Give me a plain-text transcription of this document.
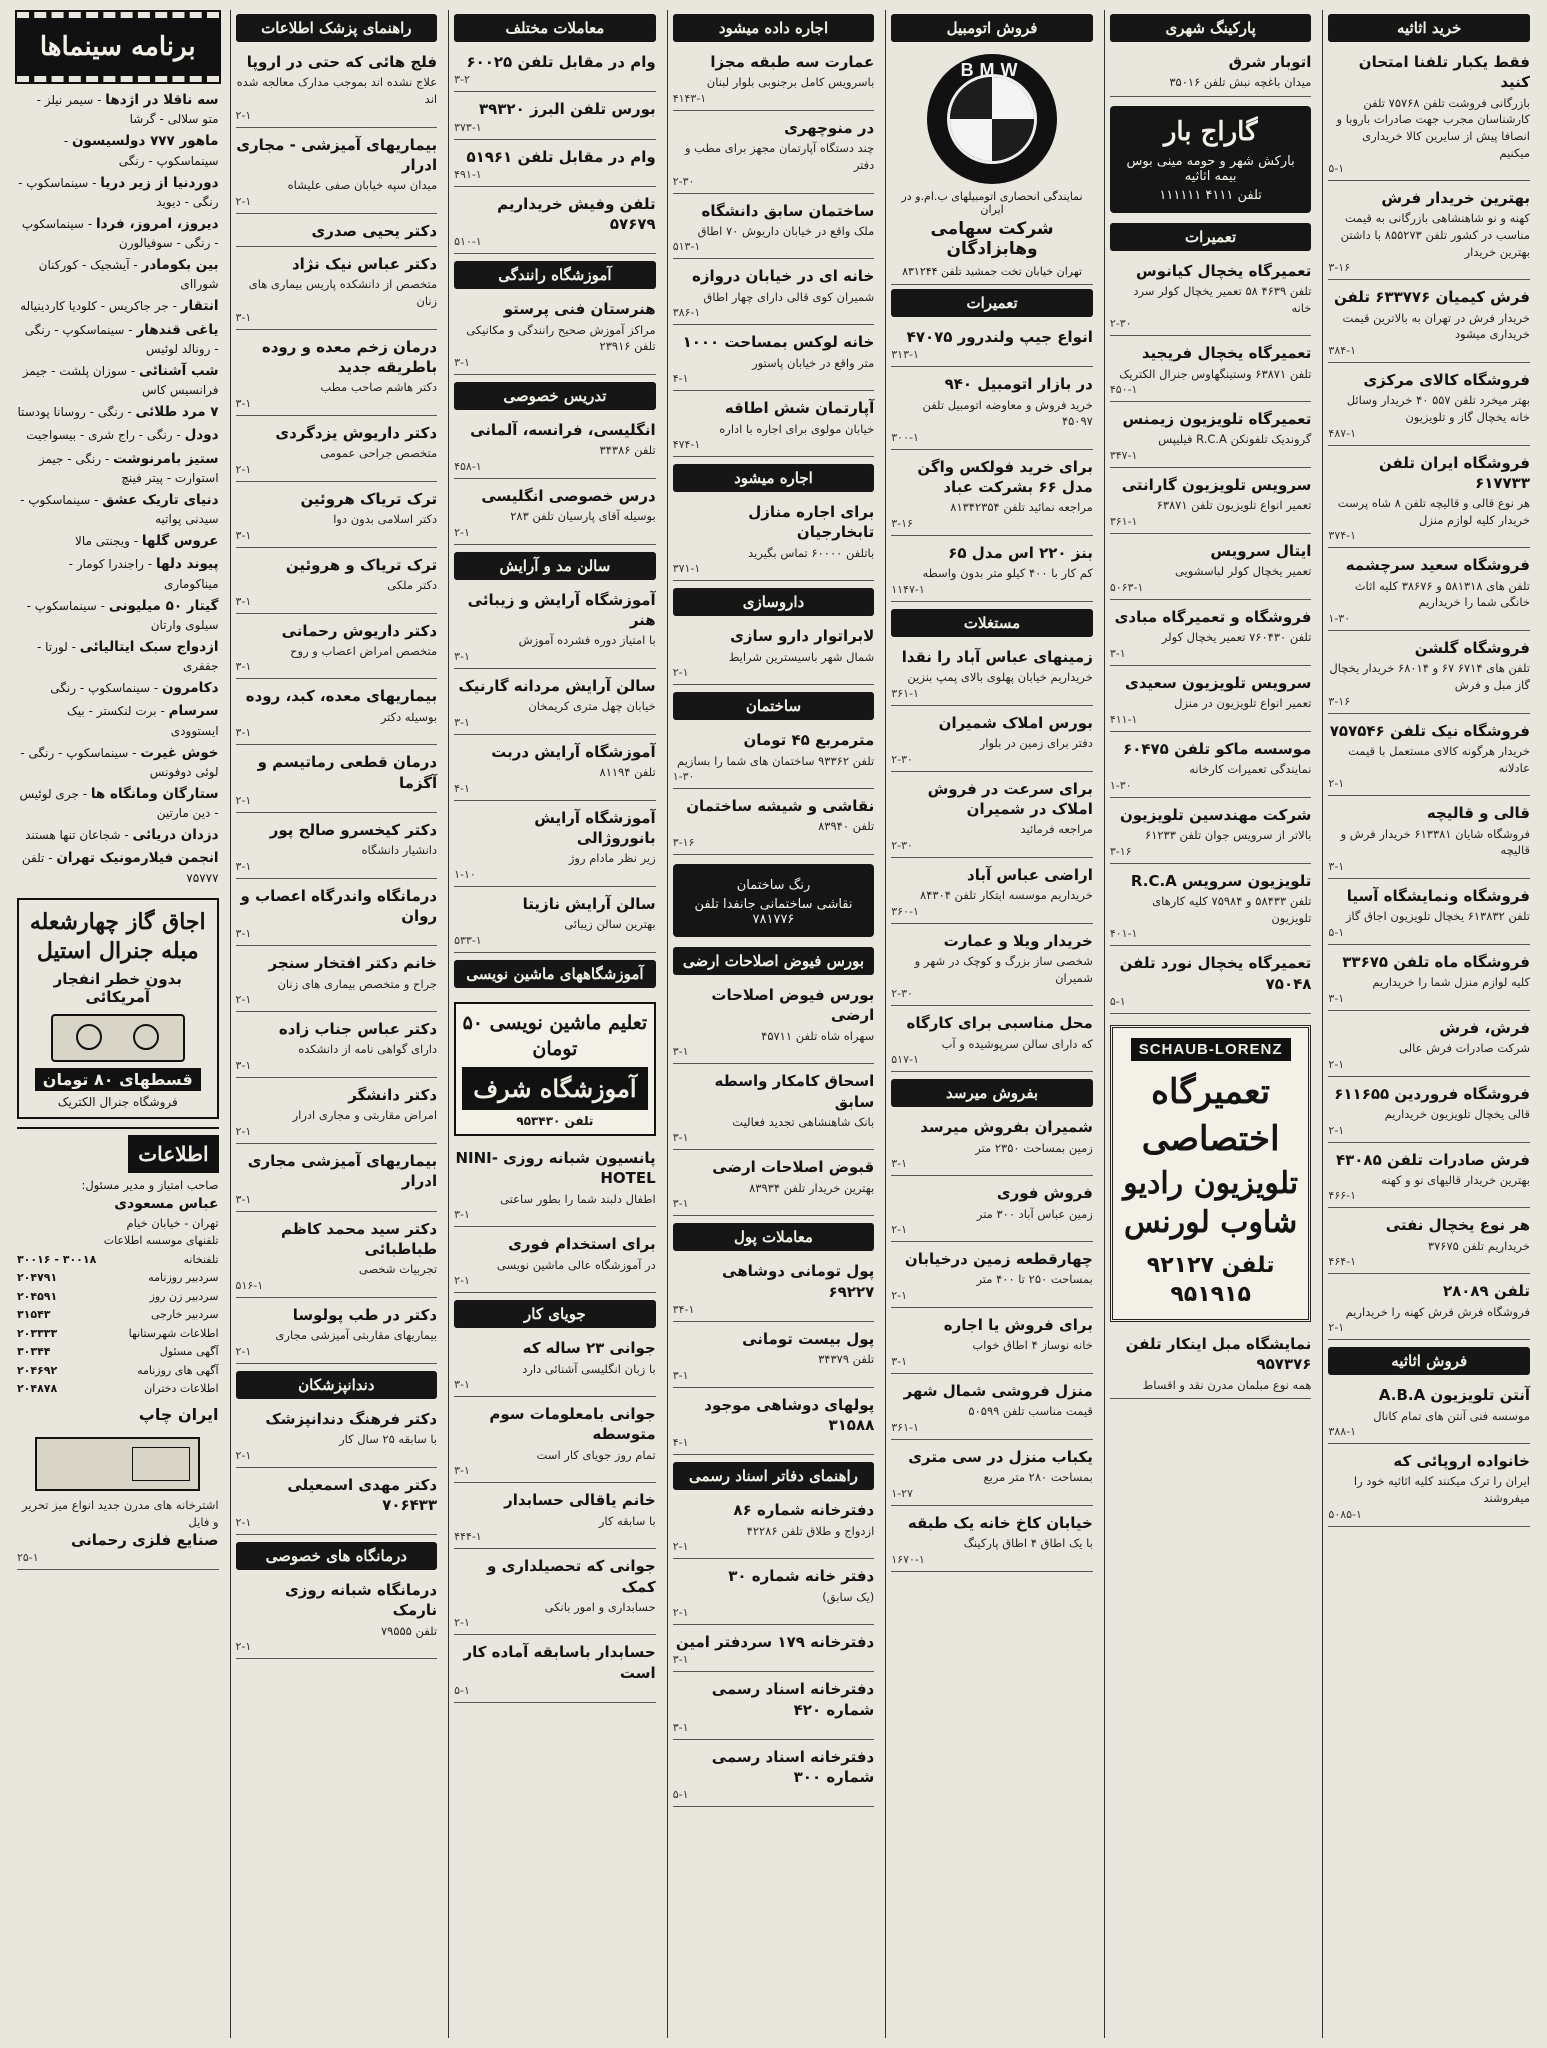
خرید اثاثیه
فقط یکبار تلفنا امتحان کنید
بازرگانی فروشت تلفن ۷۵۷۶۸ تلفن کارشناسان مجرب جهت صادرات باروبا و انصافا پیش از سایرین کالا خریداری میکنیم
۵-۱
بهترین خریدار فرش
کهنه و نو شاهنشاهی بازرگانی به قیمت مناسب در کشور تلفن ۸۵۵۲۷۳ با داشتن بهترین خریدار
۳-۱۶
فرش کیمیان ۶۳۳۷۷۶ تلفن
خریدار فرش در تهران به بالاترین قیمت خریداری میشود
۳۸۴-۱
فروشگاه کالای مرکزی
بهتر میخرد تلفن ۵۵۷ ۴۰ خریدار وسائل خانه یخچال گاز و تلویزیون
۴۸۷-۱
فروشگاه ایران تلفن ۶۱۷۷۳۳
هر نوع قالی و قالیچه تلفن ۸ شاه پرست خریدار کلیه لوازم منزل
۳۷۴-۱
فروشگاه سعید سرچشمه
تلفن های ۵۸۱۳۱۸ و ۳۸۶۷۶ کلیه اثاث خانگی شما را خریداریم
۱-۳۰
فروشگاه گلشن
تلفن های ۶۷۱۴ ۶۷ و ۶۸۰۱۴ خریدار یخچال گاز مبل و فرش
۳-۱۶
فروشگاه نیک تلفن ۷۵۷۵۴۶
خریدار هرگونه کالای مستعمل با قیمت عادلانه
۲-۱
قالی و قالیچه
فروشگاه شایان ۶۱۳۳۸۱ خریدار فرش و قالیچه
۳-۱
فروشگاه ونمایشگاه آسیا
تلفن ۶۱۳۸۳۲ یخچال تلویزیون اجاق گاز
۵-۱
فروشگاه ماه تلفن ۳۳۶۷۵
کلیه لوازم منزل شما را خریداریم
۳-۱
فرش، فرش
شرکت صادرات فرش عالی
۲-۱
فروشگاه فروردین ۶۱۱۶۵۵
قالی یخچال تلویزیون خریداریم
۲-۱
فرش صادرات تلفن ۴۳۰۸۵
بهترین خریدار قالیهای نو و کهنه
۴۶۶-۱
هر نوع یخچال نفتی
خریداریم تلفن ۳۷۶۷۵
۴۶۴-۱
تلفن ۲۸۰۸۹
فروشگاه فرش فرش کهنه را خریداریم
۲-۱
فروش اثاثیه
آنتن تلویزیون A.B.A
موسسه فنی آنتن های تمام کانال
۳۸۸-۱
خانواده اروپائی که
ایران را ترک میکنند کلیه اثاثیه خود را میفروشند
۵۰۸۵-۱
پارکینگ شهری
اتوبار شرق
میدان باغچه نبش تلفن ۳۵۰۱۶
گاراج بار
بارکش شهر و حومه مینی بوس بیمه اثاثیه
تلفن ۴۱۱۱ ۱۱۱۱۱۱
تعمیرات
تعمیرگاه یخچال کیانوس
تلفن ۴۶۳۹ ۵۸ تعمیر یخچال کولر سرد خانه
۲-۳۰
تعمیرگاه یخچال فریجید
تلفن ۶۳۸۷۱ وستینگهاوس جنرال الکتریک
۴۵۰-۱
تعمیرگاه تلویزیون زیمنس
گروندیک تلفونکن R.C.A فیلیپس
۳۴۷-۱
سرویس تلویزیون گارانتی
تعمیر انواع تلویزیون تلفن ۶۳۸۷۱
۳۶۱-۱
ایتال سرویس
تعمیر یخچال کولر لباسشویی
۵۰۶۳-۱
فروشگاه و تعمیرگاه مبادی
تلفن ۷۶۰۴۳۰ تعمیر یخچال کولر
۳-۱
سرویس تلویزیون سعیدی
تعمیر انواع تلویزیون در منزل
۴۱۱-۱
موسسه ماکو تلفن ۶۰۴۷۵
نمایندگی تعمیرات کارخانه
۱-۳۰
شرکت مهندسین تلویزیون
بالاتر از سرویس جوان تلفن ۶۱۲۳۳
۳-۱۶
تلویزیون سرویس R.C.A
تلفن ۵۸۴۳۳ و ۷۵۹۸۴ کلیه کارهای تلویزیون
۴۰۱-۱
تعمیرگاه یخچال نورد تلفن ۷۵۰۴۸
۵-۱
SCHAUB-LORENZ
تعمیرگاه اختصاصی
تلویزیون رادیو شاوب لورنس
تلفن ۹۲۱۲۷ ۹۵۱۹۱۵
نمایشگاه مبل اینکار تلفن ۹۵۷۳۷۶
همه نوع مبلمان مدرن نقد و اقساط
فروش اتومبیل
BMW
نمایندگی انحصاری اتومبیلهای ب.ام.و در ایران
شرکت سهامی وهابزادگان
تهران خیابان تخت جمشید تلفن ۸۳۱۲۴۴
تعمیرات
انواع جیپ ولندرور ۴۷۰۷۵
۳۱۳-۱
در بازار اتومبیل ۹۴۰
خرید فروش و معاوضه اتومبیل تلفن ۴۵۰۹۷
۳۰۰-۱
برای خرید فولکس واگن مدل ۶۶ بشرکت عباد
مراجعه نمائید تلفن ۸۱۳۴۲۳۵۴
۳-۱۶
بنز ۲۲۰ اس مدل ۶۵
کم کار با ۴۰۰ کیلو متر بدون واسطه
۱۱۴۷-۱
مستغلات
زمینهای عباس آباد را نقدا
خریداریم خیابان پهلوی بالای پمپ بنزین
۳۶۱-۱
بورس املاک شمیران
دفتر برای زمین در بلوار
۲-۳۰
برای سرعت در فروش املاک در شمیران
مراجعه فرمائید
۲-۳۰
اراضی عباس آباد
خریداریم موسسه ابتکار تلفن ۸۴۳۰۴
۳۶۰-۱
خریدار ویلا و عمارت
شخصی ساز بزرگ و کوچک در شهر و شمیران
۲-۳۰
محل مناسبی برای کارگاه
که دارای سالن سرپوشیده و آب
۵۱۷-۱
بفروش میرسد
شمیران بفروش میرسد
زمین بمساحت ۲۳۵۰ متر
۳-۱
فروش فوری
زمین عباس آباد ۳۰۰ متر
۲-۱
چهارقطعه زمین درخیابان
بمساحت ۲۵۰ تا ۴۰۰ متر
۲-۱
برای فروش یا اجاره
خانه نوساز ۴ اطاق خواب
۳-۱
منزل فروشی شمال شهر
قیمت مناسب تلفن ۵۰۵۹۹
۳۶۱-۱
یکباب منزل در سی متری
بمساحت ۲۸۰ متر مربع
۱-۲۷
خیابان کاخ خانه یک طبقه
با یک اطاق ۴ اطاق پارکینگ
۱۶۷۰-۱
اجاره داده میشود
عمارت سه طبقه مجزا
باسرویس کامل برجنوبی بلوار لبنان
۴۱۴۳-۱
در منوچهری
چند دستگاه آپارتمان مجهز برای مطب و دفتر
۲-۳۰
ساختمان سابق دانشگاه
ملک واقع در خیابان داریوش ۷۰ اطاق
۵۱۳-۱
خانه ای در خیابان دروازه
شمیران کوی قالی دارای چهار اطاق
۳۸۶-۱
خانه لوکس بمساحت ۱۰۰۰
متر واقع در خیابان پاستور
۴-۱
آپارتمان شش اطاقه
خیابان مولوی برای اجاره با اداره
۴۷۴-۱
اجاره میشود
برای اجاره منازل تابخارجیان
باتلفن ۶۰۰۰۰ تماس بگیرید
۳۷۱-۱
داروسازی
لابراتوار دارو سازی
شمال شهر باسیسترین شرایط
۲-۱
ساختمان
مترمربع ۴۵ تومان
تلفن ۹۳۳۶۲ ساختمان های شما را بسازیم
۱-۳۰
نقاشی و شیشه ساختمان
تلفن ۸۳۹۴۰
۳-۱۶
رنگ ساختمان
نقاشی ساختمانی جانفدا تلفن ۷۸۱۷۷۶
بورس فیوض اصلاحات ارضی
بورس فیوض اصلاحات ارضی
سهراه شاه تلفن ۴۵۷۱۱
۳-۱
اسحاق کامکار واسطه سابق
بانک شاهنشاهی تجدید فعالیت
۳-۱
قبوض اصلاحات ارضی
بهترین خریدار تلفن ۸۳۹۳۴
۳-۱
معاملات پول
پول تومانی دوشاهی ۶۹۲۲۷
۳۴-۱
پول بیست تومانی
تلفن ۳۴۳۷۹
۳-۱
پولهای دوشاهی موجود ۳۱۵۸۸
۴-۱
راهنمای دفاتر اسناد رسمی
دفترخانه شماره ۸۶
ازدواج و طلاق تلفن ۴۲۲۸۶
۲-۱
دفتر خانه شماره ۳۰
(یک سابق)
۲-۱
دفترخانه ۱۷۹ سردفتر امین
۳-۱
دفترخانه اسناد رسمی شماره ۴۲۰
۳-۱
دفترخانه اسناد رسمی شماره ۳۰۰
۵-۱
معاملات مختلف
وام در مقابل تلفن ۶۰۰۲۵
۳-۲
بورس تلفن البرز ۳۹۳۲۰
۳۷۳-۱
وام در مقابل تلفن ۵۱۹۶۱
۴۹۱-۱
تلفن وفیش خریداریم ۵۷۶۷۹
۵۱۰-۱
آموزشگاه رانندگی
هنرستان فنی پرستو
مراکز آموزش صحیح رانندگی و مکانیکی تلفن ۲۳۹۱۶
۳-۱
تدریس خصوصی
انگلیسی، فرانسه، آلمانی
تلفن ۳۴۳۸۶
۴۵۸-۱
درس خصوصی انگلیسی
بوسیله آقای پارسیان تلفن ۲۸۳
۲-۱
سالن مد و آرایش
آموزشگاه آرایش و زیبائی هنر
با امتیاز دوره فشرده آموزش
۳-۱
سالن آرایش مردانه گارنیک
خیابان چهل متری کریمخان
۳-۱
آموزشگاه آرایش دربت
تلفن ۸۱۱۹۴
۴-۱
آموزشگاه آرایش بانوروژالی
زیر نظر مادام روژ
۱-۱۰
سالن آرایش نازیتا
بهترین سالن زیبائی
۵۳۳-۱
آموزشگاههای ماشین نویسی
تعلیم ماشین نویسی ۵۰ تومان
آموزشگاه شرف
تلفن ۹۵۳۴۳۰
پانسیون شبانه روزی NINI-HOTEL
اطفال دلبند شما را بطور ساعتی
۳-۱
برای استخدام فوری
در آموزشگاه عالی ماشین نویسی
۲-۱
جویای کار
جوانی ۲۳ ساله که
با زبان انگلیسی آشنائی دارد
۳-۱
جوانی بامعلومات سوم متوسطه
تمام روز جویای کار است
۳-۱
خانم یاقالی حسابدار
با سابقه کار
۴۴۴-۱
جوانی که تحصیلداری و کمک
حسابداری و امور بانکی
۲-۱
حسابدار باسابقه آماده کار است
۵-۱
راهنمای پزشک اطلاعات
فلج هائی که حتی در اروپا
علاج نشده اند بموجب مدارک معالجه شده اند
۲-۱
بیماریهای آمیزشی - مجاری ادرار
میدان سپه خیابان صفی علیشاه
۲-۱
دکتر یحیی صدری
دکتر عباس نیک نژاد
متخصص از دانشکده پاریس بیماری های زنان
۳-۱
درمان زخم معده و روده باطریقه جدید
دکتر هاشم صاحب مطب
۳-۱
دکتر داریوش یزدگردی
متخصص جراحی عمومی
۲-۱
ترک تریاک هروئین
دکتر اسلامی بدون دوا
۳-۱
ترک تریاک و هروئین
دکتر ملکی
۳-۱
دکتر داریوش رحمانی
متخصص امراض اعصاب و روح
۳-۱
بیماریهای معده، کبد، روده
بوسیله دکتر
۳-۱
درمان قطعی رماتیسم و آگزما
۲-۱
دکتر کیخسرو صالح پور
دانشیار دانشگاه
۳-۱
درمانگاه واندرگاه اعصاب و روان
۳-۱
خانم دکتر افتخار سنجر
جراح و متخصص بیماری های زنان
۲-۱
دکتر عباس جناب زاده
دارای گواهی نامه از دانشکده
۳-۱
دکتر دانشگر
امراض مقاربتی و مجاری ادرار
۲-۱
بیماریهای آمیزشی مجاری ادرار
۳-۱
دکتر سید محمد کاظم طباطبائی
تجربیات شخصی
۵۱۶-۱
دکتر در طب پولوسا
بیماریهای مقاربتی آمیزشی مجاری
۲-۱
دندانپزشکان
دکتر فرهنگ دندانپزشک
با سابقه ۲۵ سال کار
۲-۱
دکتر مهدی اسمعیلی ۷۰۶۴۳۳
۲-۱
درمانگاه های خصوصی
درمانگاه شبانه روزی نارمک
تلفن ۷۹۵۵۵
۲-۱
برنامه سینماها
سه ناقلا در اژدها - سیمر نیلز - متو سلالی - گرشا
ماهور ۷۷۷ دولسیسون - سینماسکوپ - رنگی
دوردنیا از زیر دریا - سینماسکوپ - رنگی - دیوید
دیروز، امروز، فردا - سینماسکوپ - رنگی - سوفیالورن
بین بکومادر - آیشجیک - کورکنان شوراای
انتقار - جر جاکریس - کلودیا کاردینیاله
یاغی قندهار - سینماسکوپ - رنگی - رونالد لوئیس
شب آشنائی - سوزان پلشت - جیمز فرانسیس کاس
۷ مرد طلائی - رنگی - روسانا پودستا
دودل - رنگی - راج شری - بیسواجیت
ستیز بامرنوشت - رنگی - جیمز استوارت - پیتر فینچ
دنیای تاریک عشق - سینماسکوپ - سیدنی پواتیه
عروس گلها - ویجنتی مالا
پیوند دلها - راجندرا کومار - میناکوماری
گیتار ۵۰ میلیونی - سینماسکوپ - سیلوی وارتان
ازدواج سبک ایتالیائی - لورتا - جففری
دکامرون - سینماسکوپ - رنگی
سرسام - برت لنکستر - بیک ایستوودی
خوش غیرت - سینماسکوپ - رنگی - لوئی دوفونس
ستارگان ومانگاه ها - جری لوئیس - دین مارتین
دزدان دریائی - شجاعان تنها هستند
انجمن فیلارمونیک تهران - تلفن ۷۵۷۷۷
اجاق گاز چهارشعله مبله جنرال استیل
بدون خطر انفجار آمریکائی
قسطهای ۸۰ تومان
فروشگاه جنرال الکتریک
اطلاعات
صاحب امتیاز و مدیر مسئول:
عباس مسعودی
تهران - خیابان خیام
تلفنهای موسسه اطلاعات	
تلفنخانه	۳۰۰۱۶ - ۳۰۰۱۸
سردبیر روزنامه	۲۰۴۷۹۱
سردبیر زن روز	۲۰۴۵۹۱
سردبیر خارجی	۳۱۵۴۳
اطلاعات شهرستانها	۲۰۳۳۳۳
آگهی مسئول	۳۰۳۴۴
آگهی های روزنامه	۲۰۴۶۹۲
اطلاعات دختران	۲۰۴۸۷۸
ایران چاپ
اشترخانه های مدرن جدید انواع میز تحریر و فایل
صنایع فلزی رحمانی
۲۵-۱
